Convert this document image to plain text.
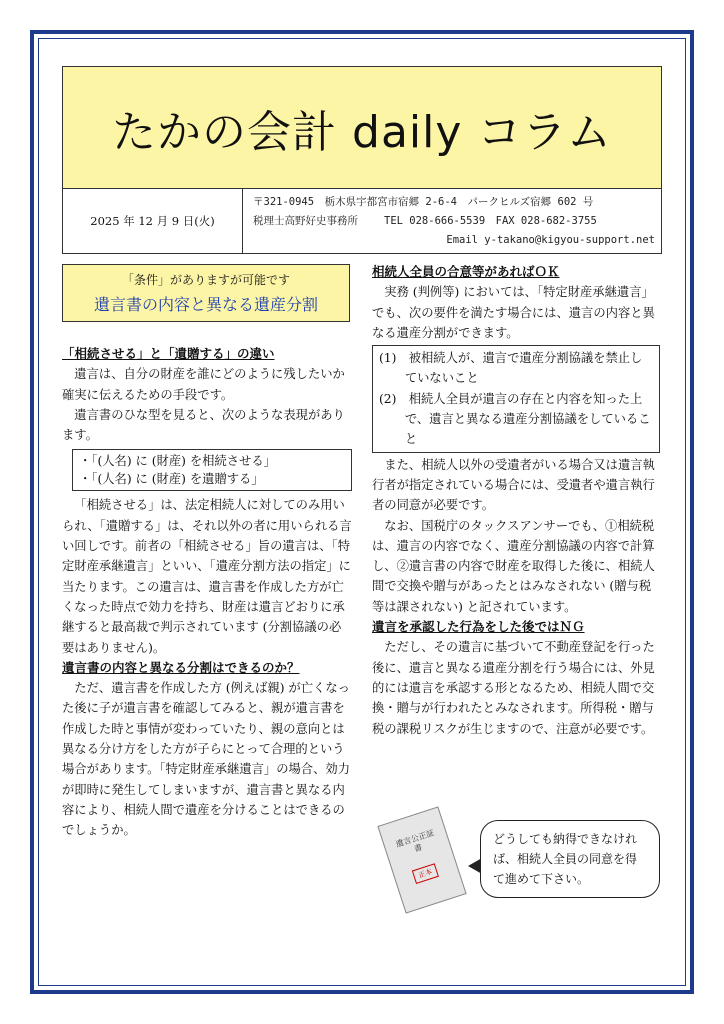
たかの会計 daily コラム
2025 年 12 月 9 日(火)
〒321-0945　栃木県宇都宮市宿郷 2-6-4　パークヒルズ宿郷 602 号
税理士高野好史事務所 TEL 028-666-5539　FAX 028-682-3755
Email y-takano@kigyou-support.net
「条件」がありますが可能です
遺言書の内容と異なる遺産分割

「相続させる」と「遺贈する」の違い

遺言は、自分の財産を誰にどのように残したいか確実に伝えるための手段です。

遺言書のひな型を見ると、次のような表現があります。

・「(人名) に (財産) を相続させる」

・「(人名) に (財産) を遺贈する」

「相続させる」は、法定相続人に対してのみ用いられ、「遺贈する」は、それ以外の者に用いられる言い回しです。前者の「相続させる」旨の遺言は、「特定財産承継遺言」といい、「遺産分割方法の指定」に当たります。この遺言は、遺言書を作成した方が亡くなった時点で効力を持ち、財産は遺言どおりに承継すると最高裁で判示されています (分割協議の必要はありません)。

遺言書の内容と異なる分割はできるのか？

ただ、遺言書を作成した方 (例えば親) が亡くなった後に子が遺言書を確認してみると、親が遺言書を作成した時と事情が変わっていたり、親の意向とは異なる分け方をした方が子らにとって合理的という場合があります。「特定財産承継遺言」の場合、効力が即時に発生してしまいますが、遺言書と異なる内容により、相続人間で遺産を分けることはできるのでしょうか。

相続人全員の合意等があればＯＫ

実務 (判例等) においては、「特定財産承継遺言」でも、次の要件を満たす場合には、遺言の内容と異なる遺産分割ができます。

(1)　被相続人が、遺言で遺産分割協議を禁止していないこと

(2)　相続人全員が遺言の存在と内容を知った上で、遺言と異なる遺産分割協議をしていること

また、相続人以外の受遺者がいる場合又は遺言執行者が指定されている場合には、受遺者や遺言執行者の同意が必要です。

なお、国税庁のタックスアンサーでも、①相続税は、遺言の内容でなく、遺産分割協議の内容で計算し、②遺言書の内容で財産を取得した後に、相続人間で交換や贈与があったとはみなされない (贈与税等は課されない) と記されています。

遺言を承認した行為をした後ではＮＧ

ただし、その遺言に基づいて不動産登記を行った後に、遺言と異なる遺産分割を行う場合には、外見的には遺言を承認する形となるため、相続人間で交換・贈与が行われたとみなされます。所得税・贈与税の課税リスクが生じますので、注意が必要です。

遺言公正証書
正本
どうしても納得できなければ、相続人全員の同意を得て進めて下さい。
